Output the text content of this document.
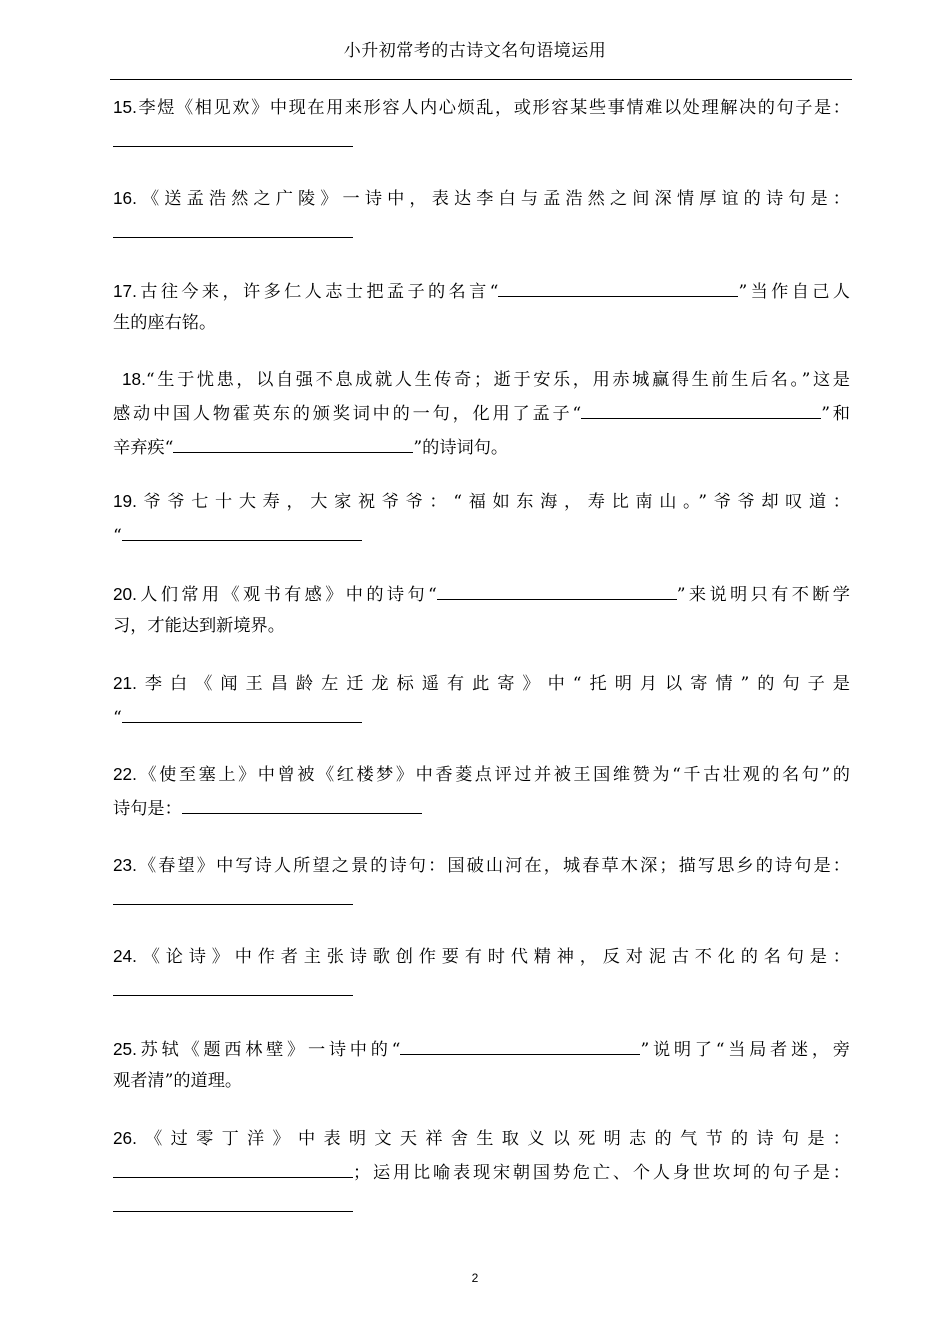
小升初常考的古诗文名句语境运用
15.李煜《相见欢》中现在用来形容人内心烦乱，或形容某些事情难以处理解决的句子是：
16.《送孟浩然之广陵》一诗中，表达李白与孟浩然之间深情厚谊的诗句是：
17.古往今来，许多仁人志士把孟子的名言“	”当作自己人
生的座右铭。
18.“生于忧患，以自强不息成就人生传奇；逝于安乐，用赤城赢得生前生后名。”这是
感动中国人物霍英东的颁奖词中的一句，化用了孟子“	”和
辛弃疾“	”的诗词句。
19.爷爷七十大寿，大家祝爷爷：“福如东海，寿比南山。”爷爷却叹道：
“
20.人们常用《观书有感》中的诗句“	”来说明只有不断学
习，才能达到新境界。
21.李白《闻王昌龄左迁龙标遥有此寄》中“托明月以寄情”的句子是
“
22.《使至塞上》中曾被《红楼梦》中香菱点评过并被王国维赞为“千古壮观的名句”的
诗句是：
23.《春望》中写诗人所望之景的诗句：国破山河在，城春草木深；描写思乡的诗句是：
24.《论诗》中作者主张诗歌创作要有时代精神，反对泥古不化的名句是：
25.苏轼《题西林壁》一诗中的“	”说明了“当局者迷，旁
观者清”的道理。
26.《过零丁洋》中表明文天祥舍生取义以死明志的气节的诗句是：
；运用比喻表现宋朝国势危亡、个人身世坎坷的句子是：
2
